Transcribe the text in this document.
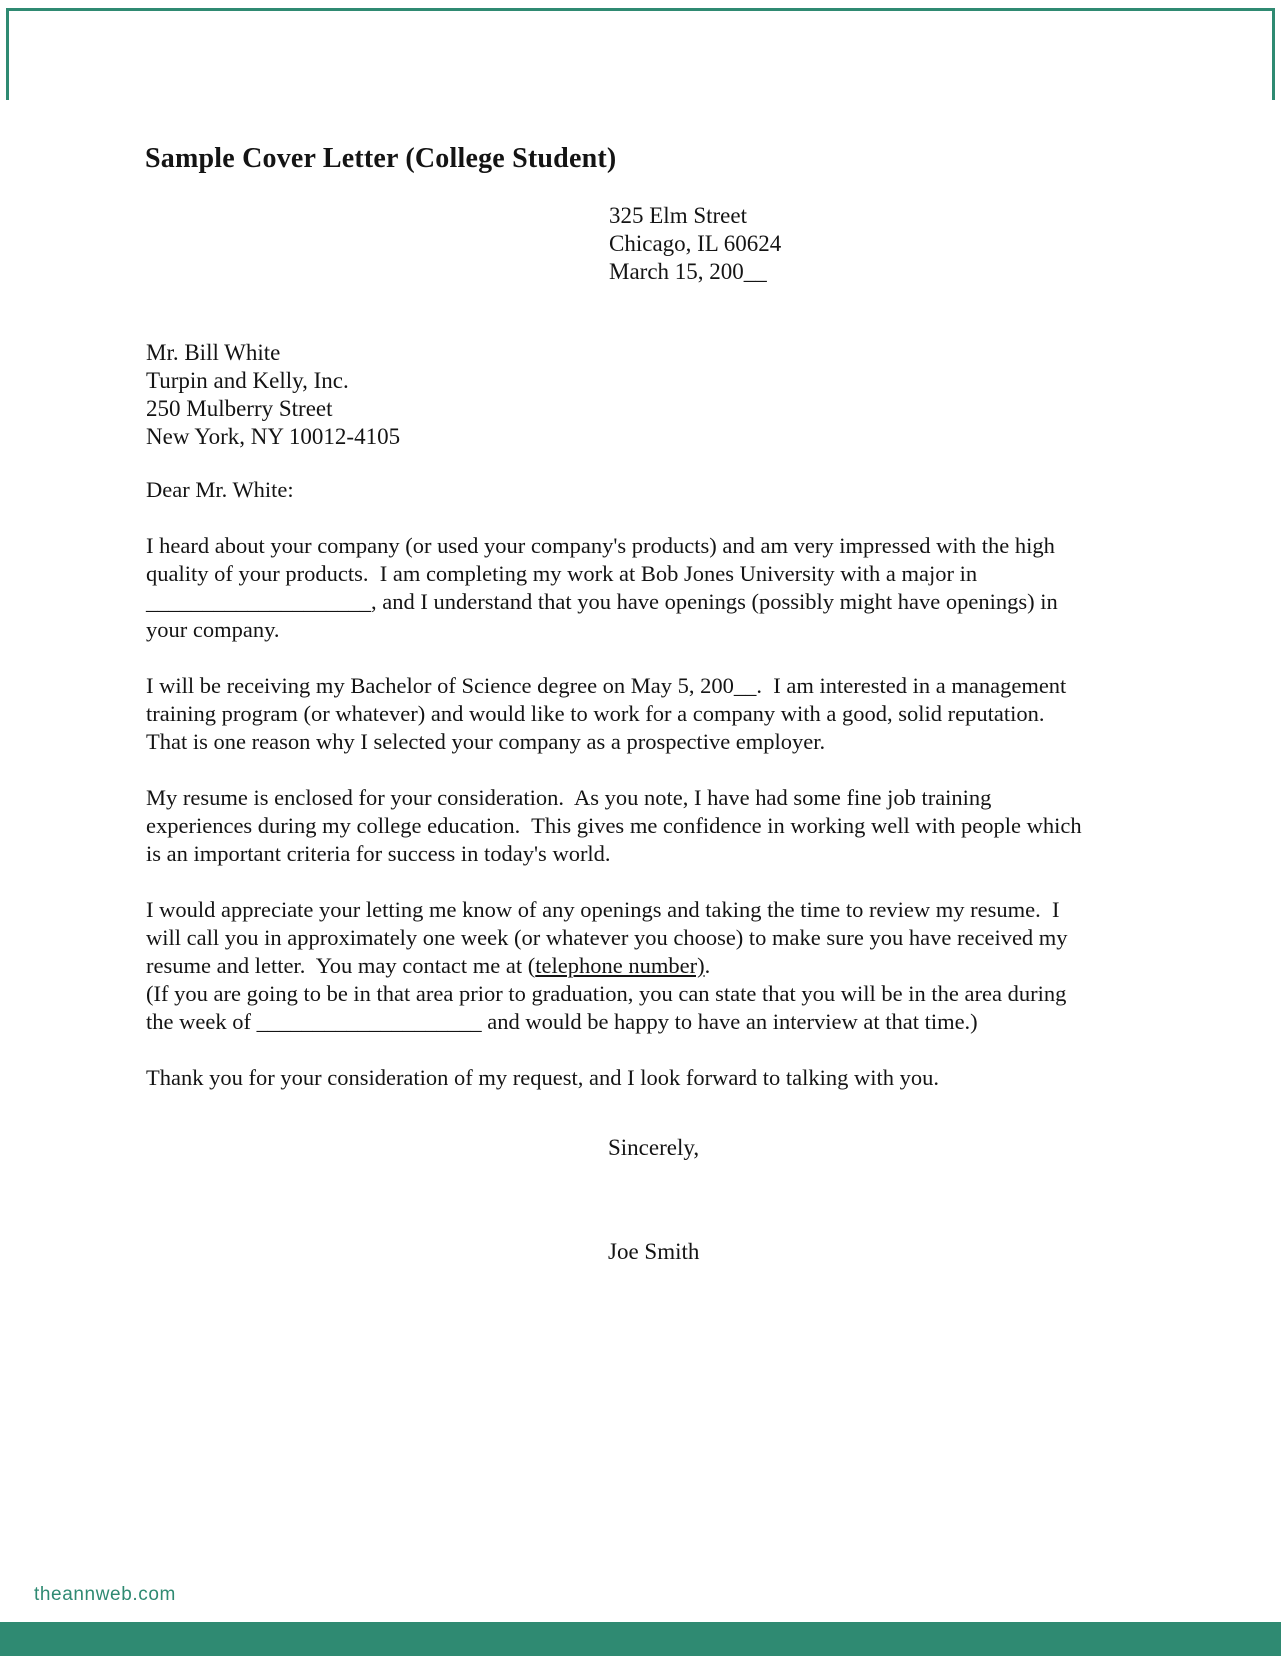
Sample Cover Letter (College Student)
325 Elm Street
Chicago, IL 60624
March 15, 200__
Mr. Bill White
Turpin and Kelly, Inc.
250 Mulberry Street
New York, NY 10012-4105

Dear Mr. White:

I heard about your company (or used your company's products) and am very impressed with the high quality of your products.  I am completing my work at Bob Jones University with a major in ____________________, and I understand that you have openings (possibly might have openings) in your company.

I will be receiving my Bachelor of Science degree on May 5, 200__.  I am interested in a management training program (or whatever) and would like to work for a company with a good, solid reputation.  That is one reason why I selected your company as a prospective employer.

My resume is enclosed for your consideration.  As you note, I have had some fine job training experiences during my college education.  This gives me confidence in working well with people which is an important criteria for success in today's world.

I would appreciate your letting me know of any openings and taking the time to review my resume.  I will call you in approximately one week (or whatever you choose) to make sure you have received my resume and letter.  You may contact me at (telephone number).
(If you are going to be in that area prior to graduation, you can state that you will be in the area during the week of ____________________ and would be happy to have an interview at that time.)

Thank you for your consideration of my request, and I look forward to talking with you.

Sincerely,
Joe Smith
theannweb.com
